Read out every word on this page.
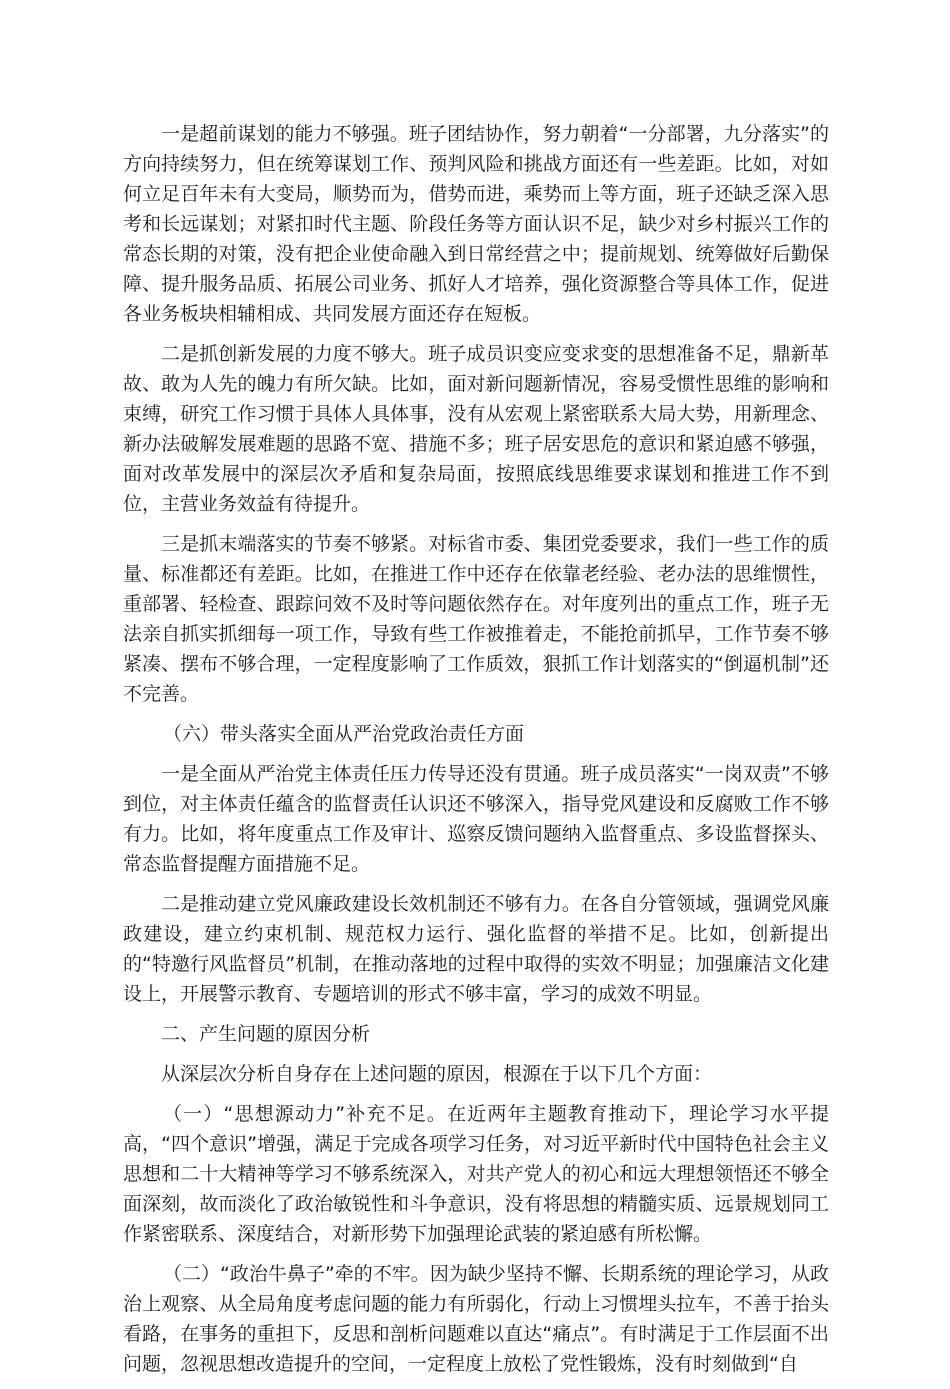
一是超前谋划的能力不够强。班子团结协作，努力朝着“一分部署，九分落实”的方向持续努力，但在统筹谋划工作、预判风险和挑战方面还有一些差距。比如，对如何立足百年未有大变局，顺势而为，借势而进，乘势而上等方面，班子还缺乏深入思考和长远谋划；对紧扣时代主题、阶段任务等方面认识不足，缺少对乡村振兴工作的常态长期的对策，没有把企业使命融入到日常经营之中；提前规划、统筹做好后勤保障、提升服务品质、拓展公司业务、抓好人才培养，强化资源整合等具体工作，促进各业务板块相辅相成、共同发展方面还存在短板。

二是抓创新发展的力度不够大。班子成员识变应变求变的思想准备不足，鼎新革故、敢为人先的魄力有所欠缺。比如，面对新问题新情况，容易受惯性思维的影响和束缚，研究工作习惯于具体人具体事，没有从宏观上紧密联系大局大势，用新理念、新办法破解发展难题的思路不宽、措施不多；班子居安思危的意识和紧迫感不够强，面对改革发展中的深层次矛盾和复杂局面，按照底线思维要求谋划和推进工作不到位，主营业务效益有待提升。

三是抓末端落实的节奏不够紧。对标省市委、集团党委要求，我们一些工作的质量、标准都还有差距。比如，在推进工作中还存在依靠老经验、老办法的思维惯性，重部署、轻检查、跟踪问效不及时等问题依然存在。对年度列出的重点工作，班子无法亲自抓实抓细每一项工作，导致有些工作被推着走，不能抢前抓早，工作节奏不够紧凑、摆布不够合理，一定程度影响了工作质效，狠抓工作计划落实的“倒逼机制”还不完善。

（六）带头落实全面从严治党政治责任方面

一是全面从严治党主体责任压力传导还没有贯通。班子成员落实“一岗双责”不够到位，对主体责任蕴含的监督责任认识还不够深入，指导党风建设和反腐败工作不够有力。比如，将年度重点工作及审计、巡察反馈问题纳入监督重点、多设监督探头、常态监督提醒方面措施不足。

二是推动建立党风廉政建设长效机制还不够有力。在各自分管领域，强调党风廉政建设，建立约束机制、规范权力运行、强化监督的举措不足。比如，创新提出的“特邀行风监督员”机制，在推动落地的过程中取得的实效不明显；加强廉洁文化建设上，开展警示教育、专题培训的形式不够丰富，学习的成效不明显。

二、产生问题的原因分析

从深层次分析自身存在上述问题的原因，根源在于以下几个方面：

（一）“思想源动力”补充不足。在近两年主题教育推动下，理论学习水平提高，“四个意识”增强，满足于完成各项学习任务，对习近平新时代中国特色社会主义思想和二十大精神等学习不够系统深入，对共产党人的初心和远大理想领悟还不够全面深刻，故而淡化了政治敏锐性和斗争意识，没有将思想的精髓实质、远景规划同工作紧密联系、深度结合，对新形势下加强理论武装的紧迫感有所松懈。

（二）“政治牛鼻子”牵的不牢。因为缺少坚持不懈、长期系统的理论学习，从政治上观察、从全局角度考虑问题的能力有所弱化，行动上习惯埋头拉车，不善于抬头看路，在事务的重担下，反思和剖析问题难以直达“痛点”。有时满足于工作层面不出问题，忽视思想改造提升的空间，一定程度上放松了党性锻炼，没有时刻做到“自
